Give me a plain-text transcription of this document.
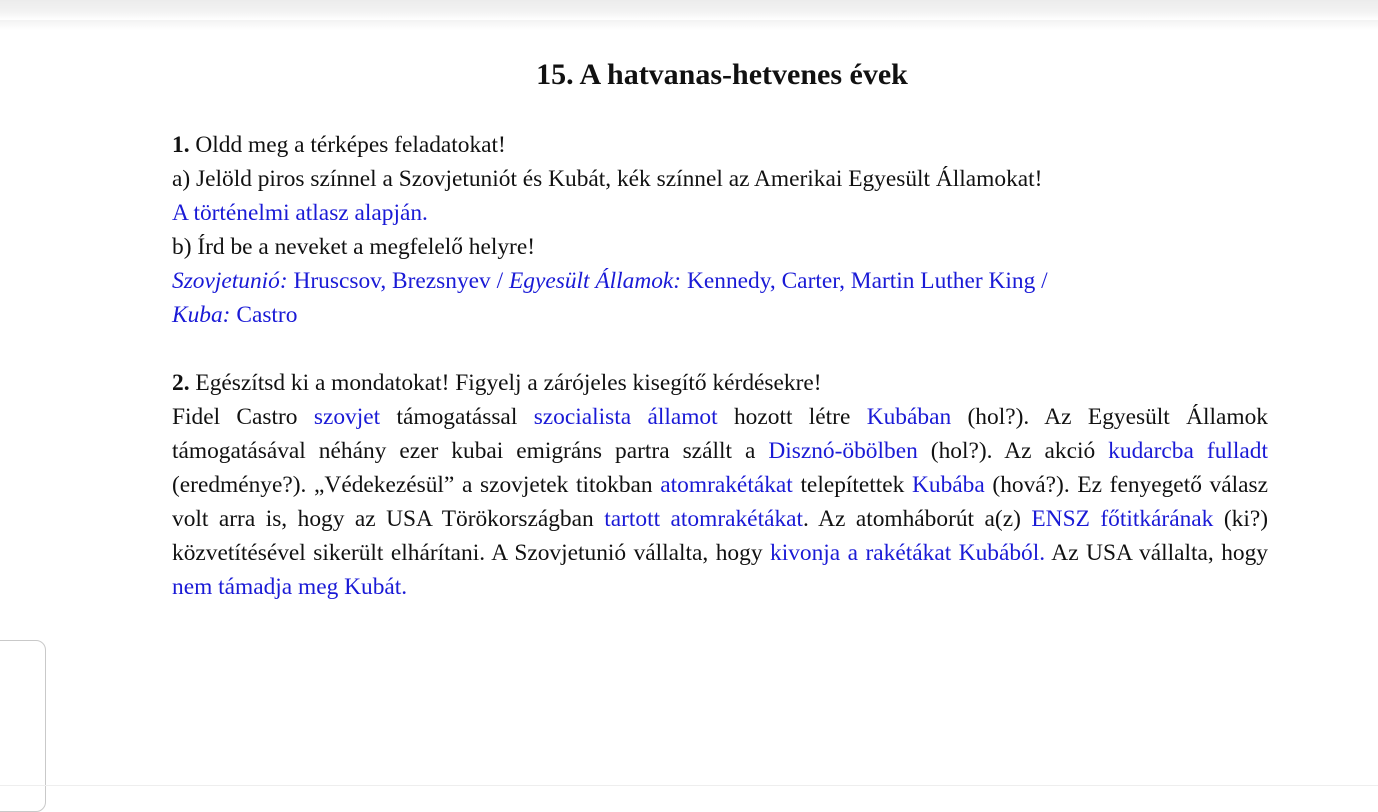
15. A hatvanas-hetvenes évek
1. Oldd meg a térképes feladatokat!
a) Jelöld piros színnel a Szovjetuniót és Kubát, kék színnel az Amerikai Egyesült Államokat!
A történelmi atlasz alapján.
b) Írd be a neveket a megfelelő helyre!
Szovjetunió: Hruscsov, Brezsnyev / Egyesült Államok: Kennedy, Carter, Martin Luther King /
Kuba: Castro
2. Egészítsd ki a mondatokat! Figyelj a zárójeles kisegítő kérdésekre!
Fidel Castro szovjet támogatással szocialista államot hozott létre Kubában (hol?). Az Egyesült Államok támogatásával néhány ezer kubai emigráns partra szállt a Disznó-öbölben (hol?). Az akció kudarcba fulladt (eredménye?). „Védekezésül” a szovjetek titokban atomrakétákat telepítettek Kubába (hová?). Ez fenyegető válasz volt arra is, hogy az USA Törökországban tartott atomrakétákat. Az atomháborút a(z) ENSZ főtitkárának (ki?) közvetítésével sikerült elhárítani. A Szovjetunió vállalta, hogy kivonja a rakétákat Kubából. Az USA vállalta, hogy nem támadja meg Kubát.
